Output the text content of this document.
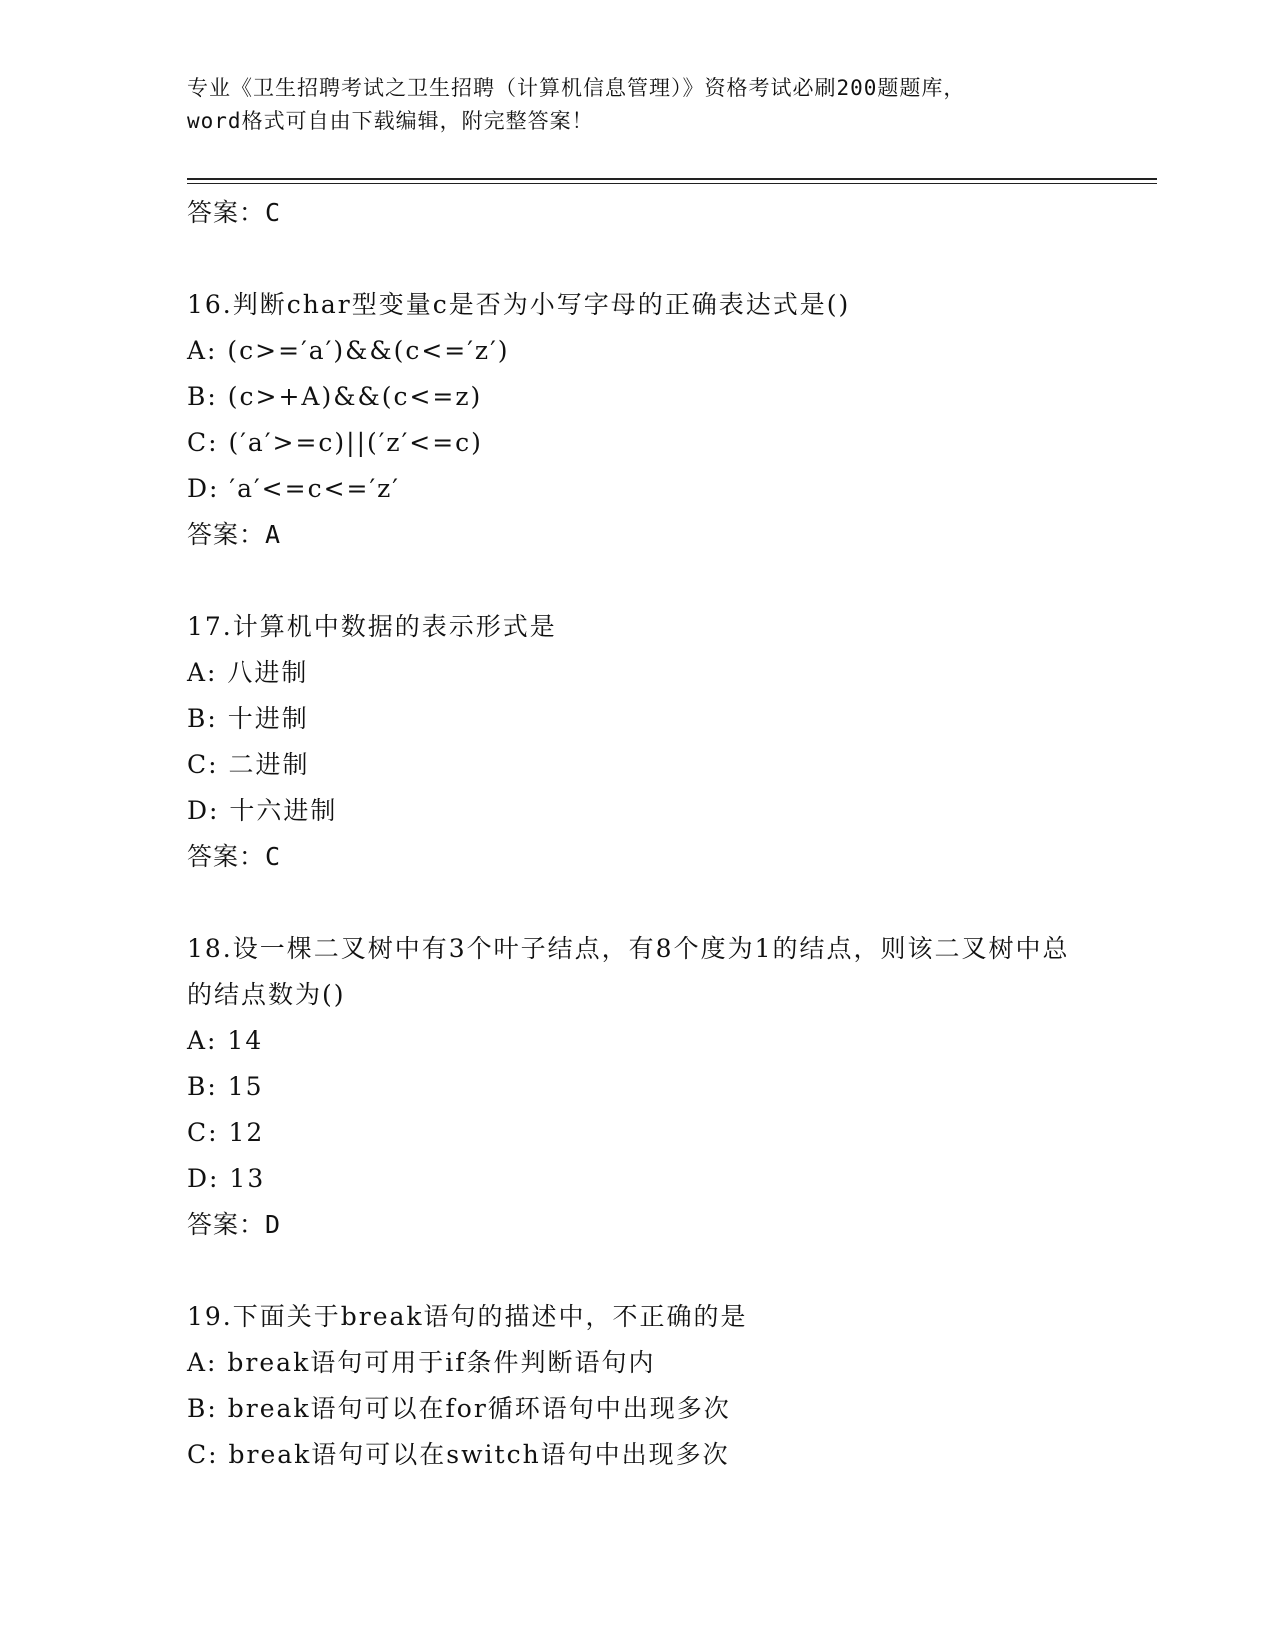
专业《卫生招聘考试之卫生招聘（计算机信息管理）》资格考试必刷200题题库，
word格式可自由下载编辑，附完整答案！
答案：C
16.判断char型变量c是否为小写字母的正确表达式是()
A: (c>=′a′)&&(c<=′z′)
B: (c>+A)&&(c<=z)
C: (′a′>=c)||(′z′<=c)
D: ′a′<=c<=′z′
答案：A
17.计算机中数据的表示形式是
A: 八进制
B: 十进制
C: 二进制
D: 十六进制
答案：C
18.设一棵二叉树中有3个叶子结点，有8个度为1的结点，则该二叉树中总的结点数为()
A: 14
B: 15
C: 12
D: 13
答案：D
19.下面关于break语句的描述中，不正确的是
A: break语句可用于if条件判断语句内
B: break语句可以在for循环语句中出现多次
C: break语句可以在switch语句中出现多次
